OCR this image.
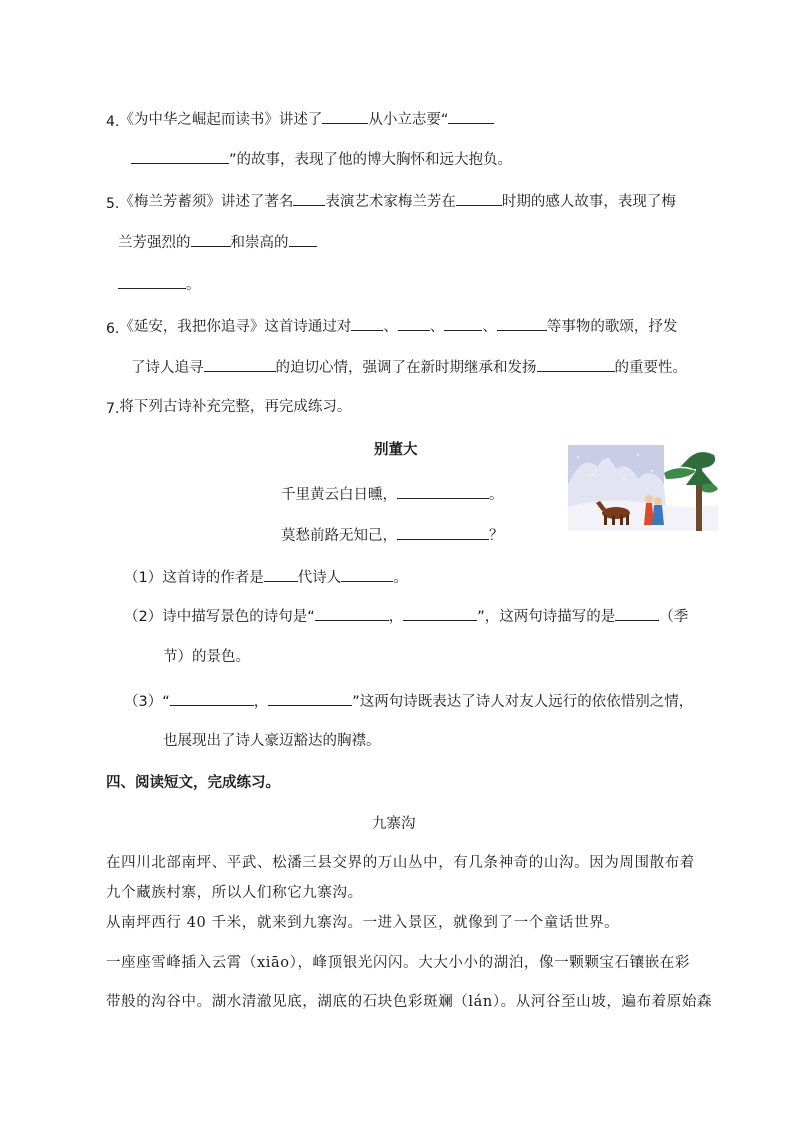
4.《为中华之崛起而读书》讲述了	从小立志要“
”的故事，表现了他的博大胸怀和远大抱负。
5.《梅兰芳蓄须》讲述了著名 表演艺术家梅兰芳在	时期的感人故事，表现了梅
兰芳强烈的	和崇高的
。
6.《延安，我把你追寻》这首诗通过对 、 、	、	等事物的歌颂，抒发
了诗人追寻	的迫切心情，强调了在新时期继承和发扬	的重要性。
7.将下列古诗补充完整，再完成练习。
别董大
千里黄云白日曛，	。
莫愁前路无知己，	？
（1）这首诗的作者是 代诗人	。
（2）诗中描写景色的诗句是“	，	”，这两句诗描写的是	（季
节）的景色。
（3）“	，	”这两句诗既表达了诗人对友人远行的依依惜别之情，
也展现出了诗人豪迈豁达的胸襟。
四、阅读短文，完成练习。
九寨沟
在四川北部南坪、平武、松潘三县交界的万山丛中，有几条神奇的山沟。因为周围散布着
九个藏族村寨，所以人们称它九寨沟。
从南坪西行 40 千米，就来到九寨沟。一进入景区，就像到了一个童话世界。
一座座雪峰插入云霄（xiāo），峰顶银光闪闪。大大小小的湖泊，像一颗颗宝石镶嵌在彩
带般的沟谷中。湖水清澈见底，湖底的石块色彩斑斓（lán）。从河谷至山坡，遍布着原始森
